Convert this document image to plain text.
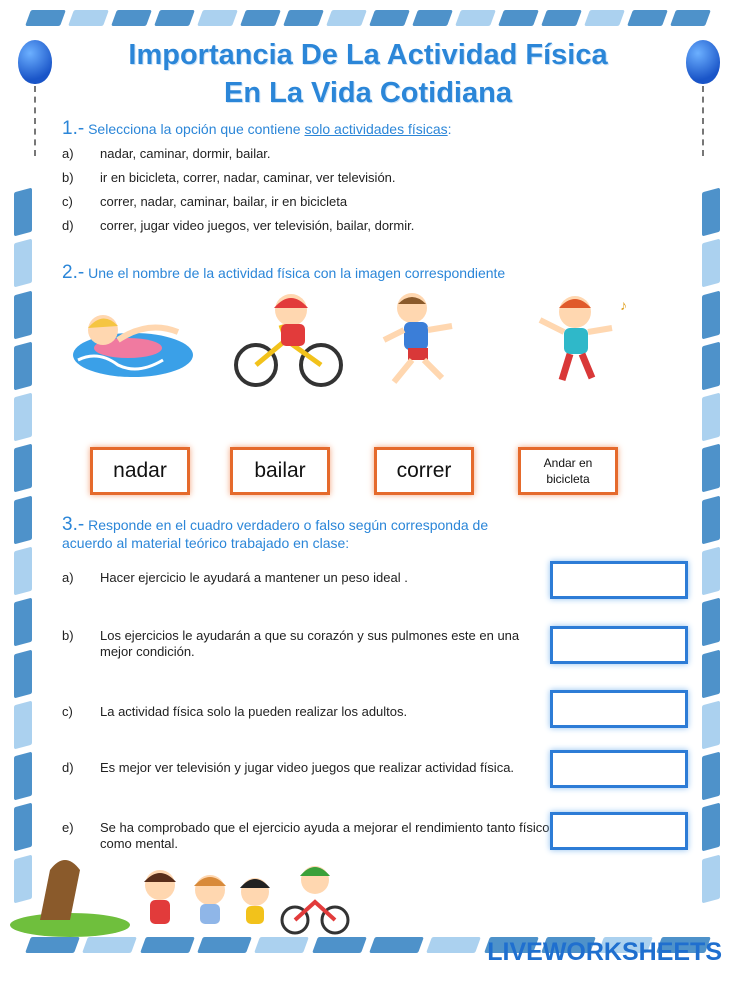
Importancia De La Actividad Física
En La Vida Cotidiana
1.- Selecciona la opción que contiene solo actividades físicas:
a) nadar, caminar, dormir, bailar.
b) ir en bicicleta, correr, nadar, caminar, ver televisión.
c) correr, nadar, caminar, bailar, ir en bicicleta
d) correr, jugar video juegos, ver televisión, bailar, dormir.
2.- Une el nombre de la actividad física con la imagen correspondiente
♪
nadar	bailar	correr	Andar en
bicicleta
3.- Responde en el cuadro verdadero o falso según corresponda de
acuerdo al material teórico trabajado en clase:
a) Hacer ejercicio le ayudará a mantener un peso ideal .
b) Los ejercicios le ayudarán a que su corazón y sus pulmones este en una mejor condición.
c) La actividad física solo la pueden realizar los adultos.
d) Es mejor ver televisión y jugar video juegos que realizar actividad física.
e) Se ha comprobado que el ejercicio ayuda a mejorar el rendimiento tanto físico como mental.
LIVEWORKSHEETS
